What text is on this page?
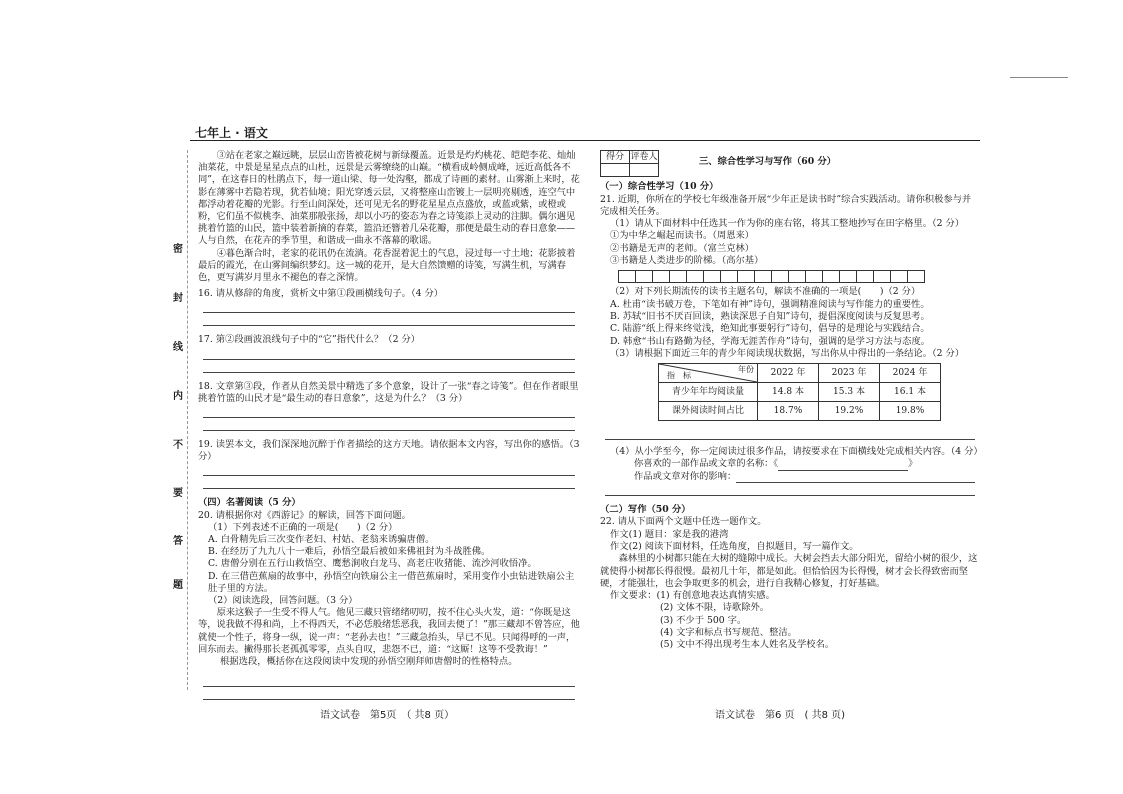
七年上 · 语文
密
封
线
内
不
要
答
题

③站在老家之巅远眺，层层山峦皆被花树与新绿覆盖。近景是灼灼桃花、皑皑李花、灿灿油菜花，中景是星星点点的山杜，远景是云雾缭绕的山巅。“横看成岭侧成峰，远近高低各不同”，在这春日的杜鹃点下，每一道山梁、每一处沟壑，都成了诗画的素材。山雾渐上来时，花影在薄雾中若隐若现，犹若仙境；阳光穿透云层，又将整座山峦镀上一层明亮剔透，连空气中都浮动着花瓣的光影。行至山间深处，还可见无名的野花星星点点盛放，或蓝或紫，或橙或粉，它们虽不似桃李、油菜那般张扬，却以小巧的姿态为春之诗笺添上灵动的注脚。偶尔遇见挑着竹篮的山民，篮中装着新摘的春菜，篮沿还簪着几朵花瓣，那便是最生动的春日意象——人与自然，在花卉的季节里，和谐成一曲永不落幕的歌谣。

④暮色渐合时，老家的花讯仍在流淌。花香混着泥土的气息，浸过每一寸土地；花影披着最后的霞光，在山雾间编织梦幻。这一城的花开，是大自然馈赠的诗笺，写满生机，写满春色，更写满岁月里永不褪色的春之深情。

16. 请从修辞的角度，赏析文中第①段画横线句子。（4 分）
17. 第②段画波浪线句子中的“它”指代什么？（2 分）
18. 文章第③段，作者从自然美景中精选了多个意象，设计了一张“春之诗笺”。但在作者眼里挑着竹篮的山民才是“最生动的春日意象”，这是为什么？（3 分）
19. 读罢本文，我们深深地沉醉于作者描绘的这方天地。请依据本文内容，写出你的感悟。（3 分）
（四）名著阅读（5 分）
20. 请根据你对《西游记》的解读，回答下面问题。
（1）下列表述不正确的一项是(　　)（2 分）
A. 白骨精先后三次变作老妇、村姑、老翁来诱骗唐僧。
B. 在经历了九九八十一难后，孙悟空最后被如来佛祖封为斗战胜佛。
C. 唐僧分别在五行山救悟空、鹰愁涧收白龙马、高老庄收猪能、流沙河收悟净。
D. 在三借芭蕉扇的故事中，孙悟空向铁扇公主一借芭蕉扇时，采用变作小虫钻进铁扇公主肚子里的方法。
（2）阅读选段，回答问题。（3 分）

原来这猴子一生受不得人气。他见三藏只管绪绪叨叨，按不住心头火发，道：“你既是这等，说我做不得和尚，上不得西天，不必恁般绪恁恶我，我回去便了！”那三藏却不曾答应，他就使一个性子，将身一纵，说一声：“老孙去也！”三藏急抬头，早已不见。只闻得呼的一声，回东而去。撇得那长老孤孤零零，点头自叹，悲怨不已，道：“这厮！这等不受教诲！”

根据选段，概括你在这段阅读中发现的孙悟空刚拜师唐僧时的性格特点。
语文试卷　第5页　（ 共8 页）
得分	评卷人
		三、综合性学习与写作（60 分）
（一）综合性学习（10 分）
21. 近期，你所在的学校七年级准备开展“少年正是读书时”综合实践活动。请你积极参与并完成相关任务。
（1）请从下面材料中任选其一作为你的座右铭，将其工整地抄写在田字格里。（2 分）
①为中华之崛起而读书。（周恩来）
②书籍是无声的老师。（富兰克林）
③书籍是人类进步的阶梯。（高尔基）
（2）对下列长期流传的读书主题名句，解读不准确的一项是(　　)（2 分）
A. 杜甫“读书破万卷，下笔如有神”诗句，强调精准阅读与写作能力的重要性。
B. 苏轼“旧书不厌百回读，熟读深思子自知”诗句，提倡深度阅读与反复思考。
C. 陆游“纸上得来终觉浅，绝知此事要躬行”诗句，倡导的是理论与实践结合。
D. 韩愈“书山有路勤为径，学海无涯苦作舟”诗句，强调的是学习方法与态度。
（3）请根据下面近三年的青少年阅读现状数据，写出你从中得出的一条结论。（2 分）
年份
指　标	2022 年	2023 年	2024 年
青少年年均阅读量	14.8 本	15.3 本	16.1 本
课外阅读时间占比	18.7%	19.2%	19.8%
（4）从小学至今，你一定阅读过很多作品，请按要求在下面横线处完成相关内容。（4 分）
你喜欢的一部作品或文章的名称：《	》
作品或文章对你的影响：
（二）写作（50 分）
22. 请从下面两个文题中任选一题作文。
作文(1) 题目：家是我的港湾
作文(2) 阅读下面材料，任选角度，自拟题目，写一篇作文。

森林里的小树都只能在大树的缝隙中成长。大树会挡去大部分阳光，留给小树的很少，这就使得小树都长得很慢。最初几十年，都是如此。但恰恰因为长得慢，树才会长得致密而坚硬，才能强壮，也会争取更多的机会，进行自我精心修复，打好基础。

作文要求：(1) 有创意地表达真情实感。
(2) 文体不限，诗歌除外。
(3) 不少于 500 字。
(4) 文字和标点书写规范、整洁。
(5) 文中不得出现考生本人姓名及学校名。
语文试卷　第6 页　( 共8 页)
